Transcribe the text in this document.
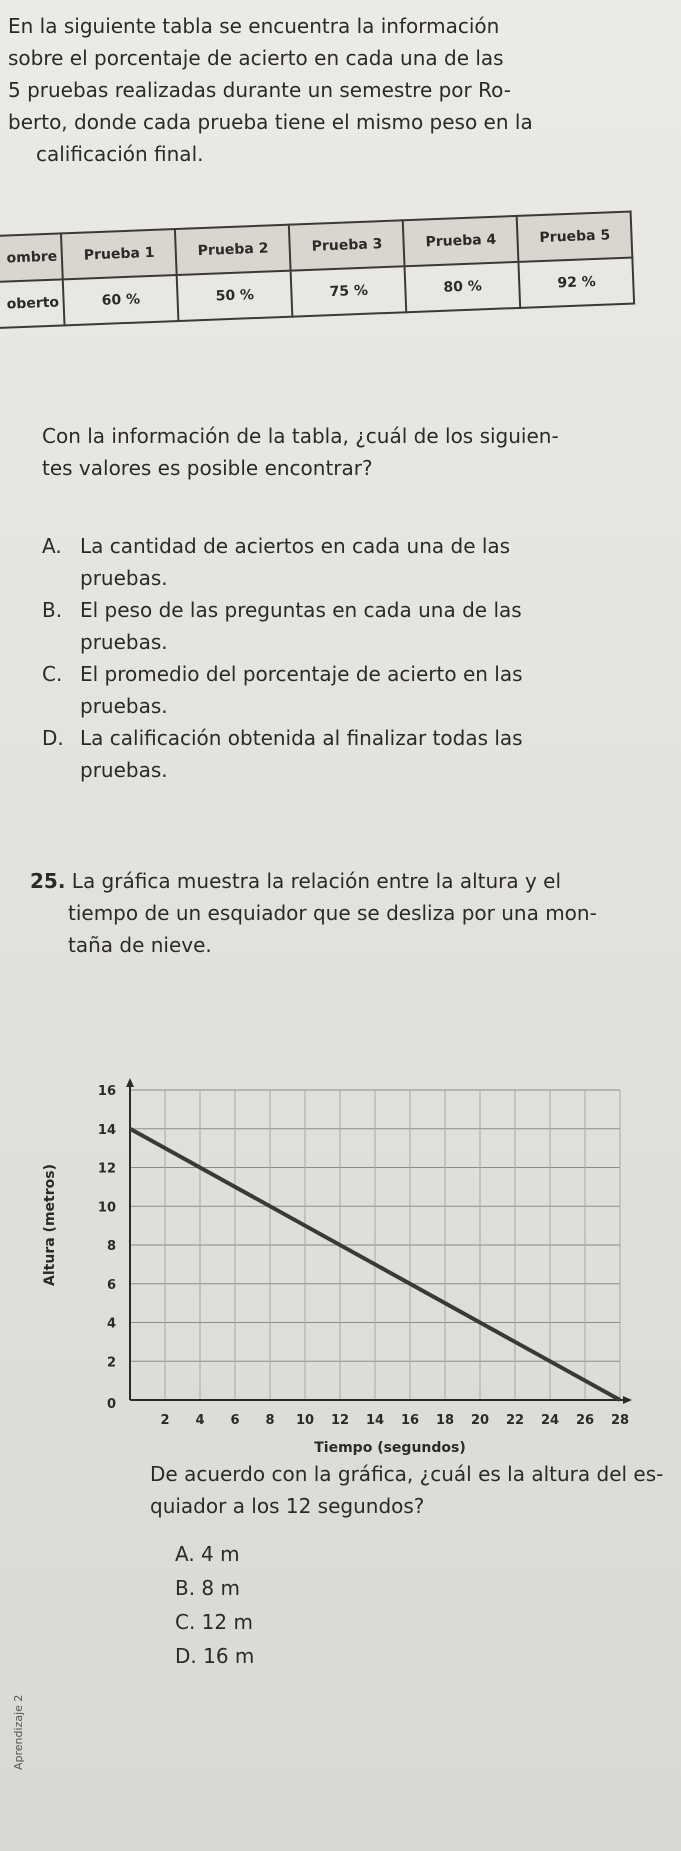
En la siguiente tabla se encuentra la información
sobre el porcentaje de acierto en cada una de las
5 pruebas realizadas durante un semestre por Ro-
berto, donde cada prueba tiene el mismo peso en la
calificación final.
ombre	Prueba 1	Prueba 2	Prueba 3	Prueba 4	Prueba 5
oberto	60 %	50 %	75 %	80 %	92 %
Con la información de la tabla, ¿cuál de los siguien-
tes valores es posible encontrar?
A. La cantidad de aciertos en cada una de las
pruebas.
B. El peso de las preguntas en cada una de las
pruebas.
C. El promedio del porcentaje de acierto en las
pruebas.
D. La calificación obtenida al finalizar todas las
pruebas.
25. La gráfica muestra la relación entre la altura y el
tiempo de un esquiador que se desliza por una mon-
taña de nieve.
2 4 6 8 10 12 14 16 18 20 22 24 26 28
2
4
6
8
10
12
14
16
0
Tiempo (segundos)
Altura (metros)
De acuerdo con la gráfica, ¿cuál es la altura del es-
quiador a los 12 segundos?
A. 4 m
B. 8 m
C. 12 m
D. 16 m
Aprendizaje 2
